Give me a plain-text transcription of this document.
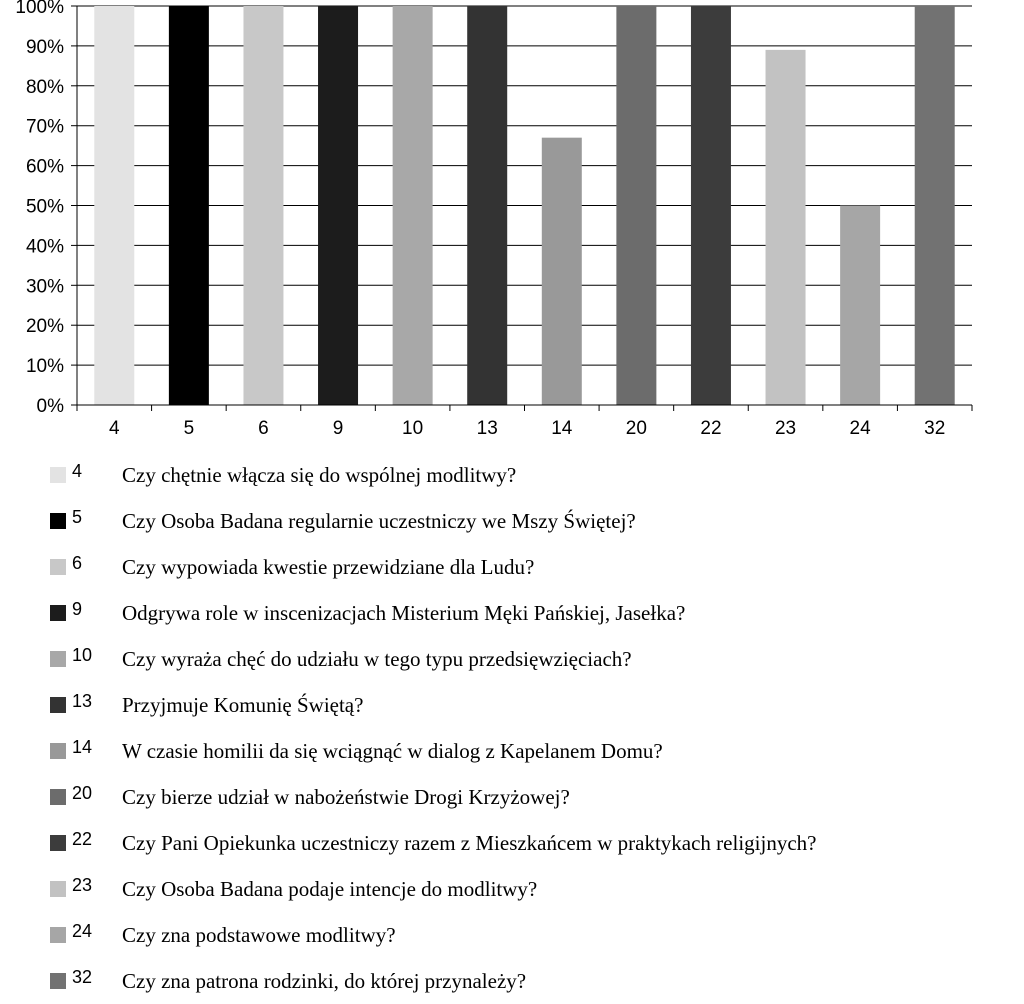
0%
10%
20%
30%
40%
50%
60%
70%
80%
90%
100%
4	5	6	9	10	13	14	20	22	23	24	32
4	Czy chętnie włącza się do wspólnej modlitwy?
5	Czy Osoba Badana regularnie uczestniczy we Mszy Świętej?
6	Czy wypowiada kwestie przewidziane dla Ludu?
9	Odgrywa role w inscenizacjach Misterium Męki Pańskiej, Jasełka?
10	Czy wyraża chęć do udziału w tego typu przedsięwzięciach?
13	Przyjmuje Komunię Świętą?
14	W czasie homilii da się wciągnąć w dialog z Kapelanem Domu?
20	Czy bierze udział w nabożeństwie Drogi Krzyżowej?
22	Czy Pani Opiekunka uczestniczy razem z Mieszkańcem w praktykach religijnych?
23	Czy Osoba Badana podaje intencje do modlitwy?
24	Czy zna podstawowe modlitwy?
32	Czy zna patrona rodzinki, do której przynależy?
